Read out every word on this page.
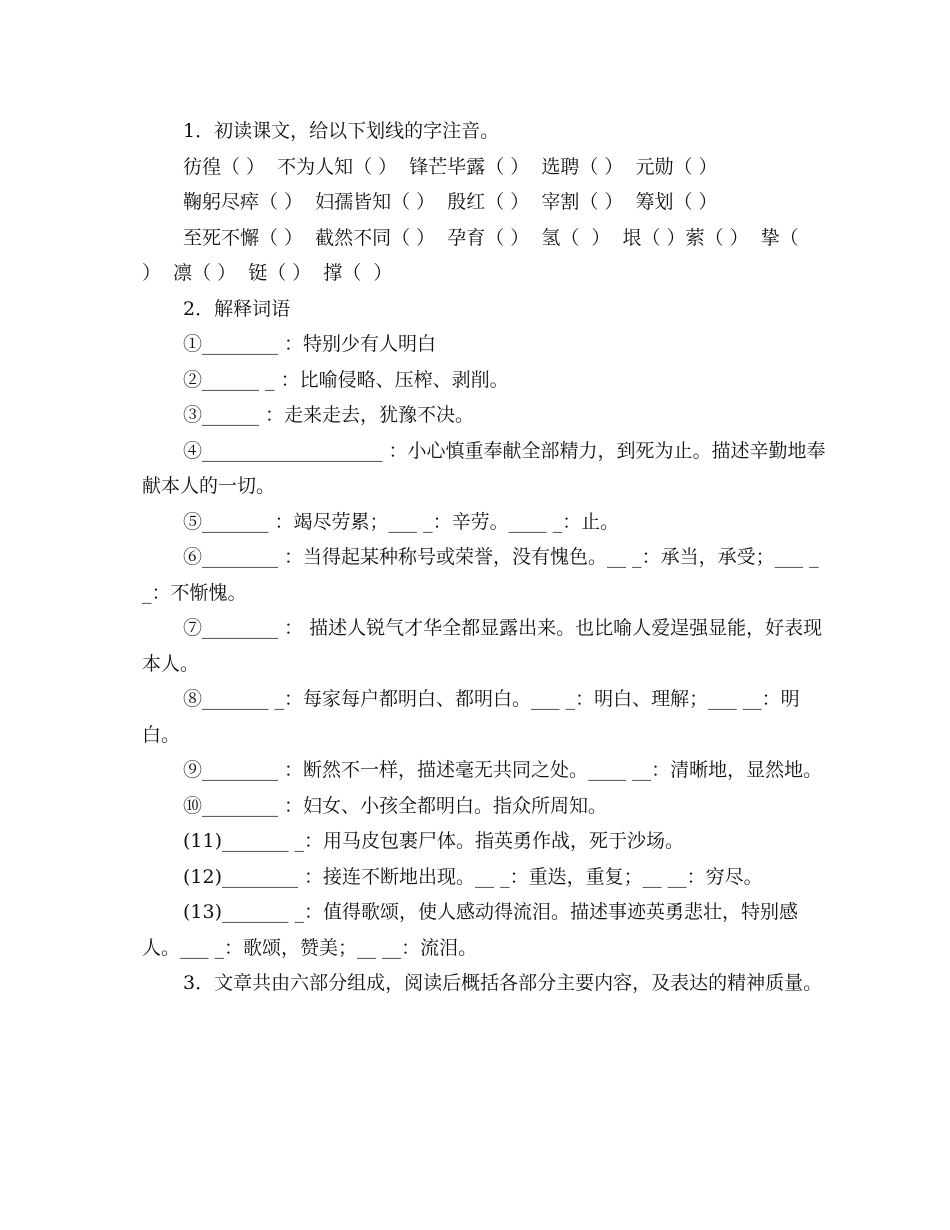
1．初读课文，给以下划线的字注音。

彷徨（ ）  不为人知（ ）  锋芒毕露（ ）  选聘（ ）  元勋（ ）

鞠躬尽瘁（ ）  妇孺皆知（ ）  殷红（ ）  宰割（ ）  筹划（ ）

至死不懈（ ）  截然不同（ ）  孕育（ ）  氢（  ）  垠（ ）萦（ ）  挚（  ）  凛（ ）  铤（ ）  撑（  ）

2．解释词语

①________ ：特别少有人明白

②______ _ ：比喻侵略、压榨、剥削。

③______ ：走来走去，犹豫不决。

④___________________ ：小心慎重奉献全部精力，到死为止。描述辛勤地奉献本人的一切。

⑤_______ ：竭尽劳累；___ _：辛劳。____ _：止。

⑥________ ：当得起某种称号或荣誉，没有愧色。__ _：承当，承受；___ __：不惭愧。

⑦________ ： 描述人锐气才华全都显露出来。也比喻人爱逞强显能，好表现本人。

⑧_______ _：每家每户都明白、都明白。___ _：明白、理解；___ __：明白。

⑨________ ：断然不一样，描述毫无共同之处。____ __：清晰地，显然地。

⑩________ ：妇女、小孩全都明白。指众所周知。

(11)_______ _：用马皮包裹尸体。指英勇作战，死于沙场。

(12)________ ：接连不断地出现。__ _：重迭，重复；__ __：穷尽。

(13)_______ _：值得歌颂，使人感动得流泪。描述事迹英勇悲壮，特别感人。___ _：歌颂，赞美；__ __：流泪。

3．文章共由六部分组成，阅读后概括各部分主要内容，及表达的精神质量。
